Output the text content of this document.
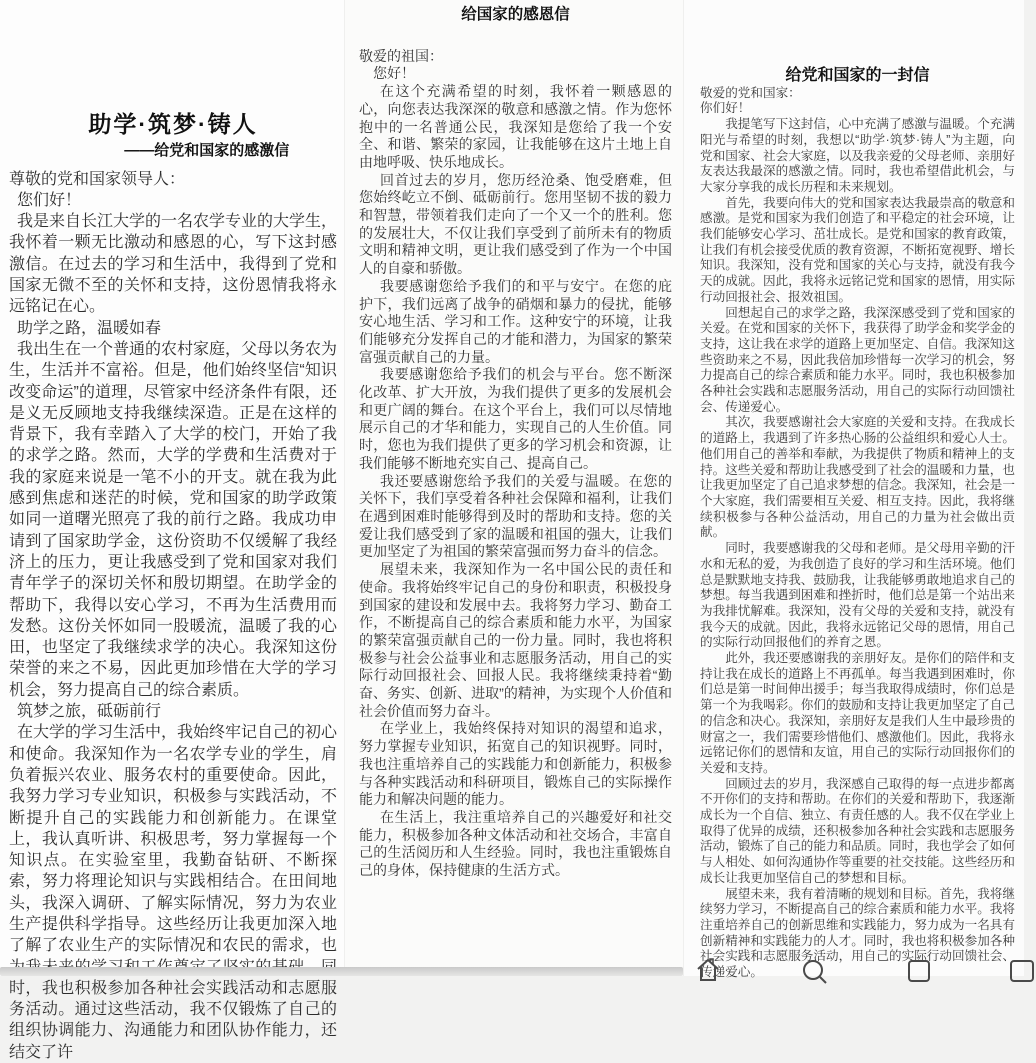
助学·筑梦·铸人

——给党和国家的感激信

尊敬的党和国家领导人：

您们好！

我是来自长江大学的一名农学专业的大学生，我怀着一颗无比激动和感恩的心，写下这封感激信。在过去的学习和生活中，我得到了党和国家无微不至的关怀和支持，这份恩情我将永远铭记在心。

助学之路，温暖如春

我出生在一个普通的农村家庭，父母以务农为生，生活并不富裕。但是，他们始终坚信“知识改变命运”的道理，尽管家中经济条件有限，还是义无反顾地支持我继续深造。正是在这样的背景下，我有幸踏入了大学的校门，开始了我的求学之路。然而，大学的学费和生活费对于我的家庭来说是一笔不小的开支。就在我为此感到焦虑和迷茫的时候，党和国家的助学政策如同一道曙光照亮了我的前行之路。我成功申请到了国家助学金，这份资助不仅缓解了我经济上的压力，更让我感受到了党和国家对我们青年学子的深切关怀和殷切期望。在助学金的帮助下，我得以安心学习，不再为生活费用而发愁。这份关怀如同一股暖流，温暖了我的心田，也坚定了我继续求学的决心。我深知这份荣誉的来之不易，因此更加珍惜在大学的学习机会，努力提高自己的综合素质。

筑梦之旅，砥砺前行

在大学的学习生活中，我始终牢记自己的初心和使命。我深知作为一名农学专业的学生，肩负着振兴农业、服务农村的重要使命。因此，我努力学习专业知识，积极参与实践活动，不断提升自己的实践能力和创新能力。在课堂上，我认真听讲、积极思考，努力掌握每一个知识点。在实验室里，我勤奋钻研、不断探索，努力将理论知识与实践相结合。在田间地头，我深入调研、了解实际情况，努力为农业生产提供科学指导。这些经历让我更加深入地了解了农业生产的实际情况和农民的需求，也 时，我也积极参加各种社会实践活动和志愿服务活动。通过这些活动，我不仅锻炼了自己的组织协调能力、沟通能力和团队协作能力，还结交了许

给国家的感恩信

敬爱的祖国：

您好！

在这个充满希望的时刻，我怀着一颗感恩的心，向您表达我深深的敬意和感激之情。作为您怀抱中的一名普通公民，我深知是您给了我一个安全、和谐、繁荣的家园，让我能够在这片土地上自由地呼吸、快乐地成长。

回首过去的岁月，您历经沧桑、饱受磨难，但您始终屹立不倒、砥砺前行。您用坚韧不拔的毅力和智慧，带领着我们走向了一个又一个的胜利。您的发展壮大，不仅让我们享受到了前所未有的物质文明和精神文明，更让我们感受到了作为一个中国人的自豪和骄傲。

我要感谢您给予我们的和平与安宁。在您的庇护下，我们远离了战争的硝烟和暴力的侵扰，能够安心地生活、学习和工作。这种安宁的环境，让我们能够充分发挥自己的才能和潜力，为国家的繁荣富强贡献自己的力量。

我要感谢您给予我们的机会与平台。您不断深化改革、扩大开放，为我们提供了更多的发展机会和更广阔的舞台。在这个平台上，我们可以尽情地展示自己的才华和能力，实现自己的人生价值。同时，您也为我们提供了更多的学习机会和资源，让我们能够不断地充实自己、提高自己。

我还要感谢您给予我们的关爱与温暖。在您的关怀下，我们享受着各种社会保障和福利，让我们在遇到困难时能够得到及时的帮助和支持。您的关爱让我们感受到了家的温暖和祖国的强大，让我们更加坚定了为祖国的繁荣富强而努力奋斗的信念。

展望未来，我深知作为一名中国公民的责任和使命。我将始终牢记自己的身份和职责，积极投身到国家的建设和发展中去。我将努力学习、勤奋工作，不断提高自己的综合素质和能力水平，为国家的繁荣富强贡献自己的一份力量。同时，我也将积极参与社会公益事业和志愿服务活动，用自己的实际行动回报社会、回报人民。我将继续秉持着“勤奋、务实、创新、进取”的精神，为实现个人价值和社会价值而努力奋斗。

在学业上，我始终保持对知识的渴望和追求，努力掌握专业知识，拓宽自己的知识视野。同时，我也注重培养自己的实践能力和创新能力，积极参与各种实践活动和科研项目，锻炼自己的实际操作能力和解决问题的能力。

在生活上，我注重培养自己的兴趣爱好和社交能力，积极参加各种文体活动和社交场合，丰富自己的生活阅历和人生经验。同时，我也注重锻炼自己的身体，保持健康的生活方式。

给党和国家的一封信

敬爱的党和国家：

你们好！

我提笔写下这封信，心中充满了感激与温暖。个充满阳光与希望的时刻，我想以“助学·筑梦·铸人”为主题，向党和国家、社会大家庭，以及我亲爱的父母老师、亲朋好友表达我最深的感激之情。同时，我也希望借此机会，与大家分享我的成长历程和未来规划。

首先，我要向伟大的党和国家表达我最崇高的敬意和感激。是党和国家为我们创造了和平稳定的社会环境，让我们能够安心学习、茁壮成长。是党和国家的教育政策，让我们有机会接受优质的教育资源，不断拓宽视野、增长知识。我深知，没有党和国家的关心与支持，就没有我今天的成就。因此，我将永远铭记党和国家的恩情，用实际行动回报社会、报效祖国。

回想起自己的求学之路，我深深感受到了党和国家的关爱。在党和国家的关怀下，我获得了助学金和奖学金的支持，这让我在求学的道路上更加坚定、自信。我深知这些资助来之不易，因此我倍加珍惜每一次学习的机会，努力提高自己的综合素质和能力水平。同时，我也积极参加各种社会实践和志愿服务活动，用自己的实际行动回馈社会、传递爱心。

其次，我要感谢社会大家庭的关爱和支持。在我成长的道路上，我遇到了许多热心肠的公益组织和爱心人士。他们用自己的善举和奉献，为我提供了物质和精神上的支持。这些关爱和帮助让我感受到了社会的温暖和力量，也让我更加坚定了自己追求梦想的信念。我深知，社会是一个大家庭，我们需要相互关爱、相互支持。因此，我将继续积极参与各种公益活动，用自己的力量为社会做出贡献。

同时，我要感谢我的父母和老师。是父母用辛勤的汗水和无私的爱，为我创造了良好的学习和生活环境。他们总是默默地支持我、鼓励我，让我能够勇敢地追求自己的梦想。每当我遇到困难和挫折时，他们总是第一个站出来为我排忧解难。我深知，没有父母的关爱和支持，就没有我今天的成就。因此，我将永远铭记父母的恩情，用自己的实际行动回报他们的养育之恩。

此外，我还要感谢我的亲朋好友。是你们的陪伴和支持让我在成长的道路上不再孤单。每当我遇到困难时，你们总是第一时间伸出援手；每当我取得成绩时，你们总是第一个为我喝彩。你们的鼓励和支持让我更加坚定了自己的信念和决心。我深知，亲朋好友是我们人生中最珍贵的财富之一，我们需要珍惜他们、感激他们。因此，我将永远铭记你们的恩情和友谊，用自己的实际行动回报你们的关爱和支持。

回顾过去的岁月，我深感自己取得的每一点进步都离不开你们的支持和帮助。在你们的关爱和帮助下，我逐渐成长为一个自信、独立、有责任感的人。我不仅在学业上取得了优异的成绩，还积极参加各种社会实践和志愿服务活动，锻炼了自己的能力和品质。同时，我也学会了如何与人相处、如何沟通协作等重要的社交技能。这些经历和成长让我更加坚信自己的梦想和目标。

展望未来，我有着清晰的规划和目标。首先，我将继续努力学习，不断提高自己的综合素质和能力水平。我将注重培养自己的创新思维和实践能力，努力成为一名具有创新精神和实践能力的人才。同时，我也将积极参加各种社会实践和志愿服务活动，用自己的实际行动回馈社会、传递爱心。
